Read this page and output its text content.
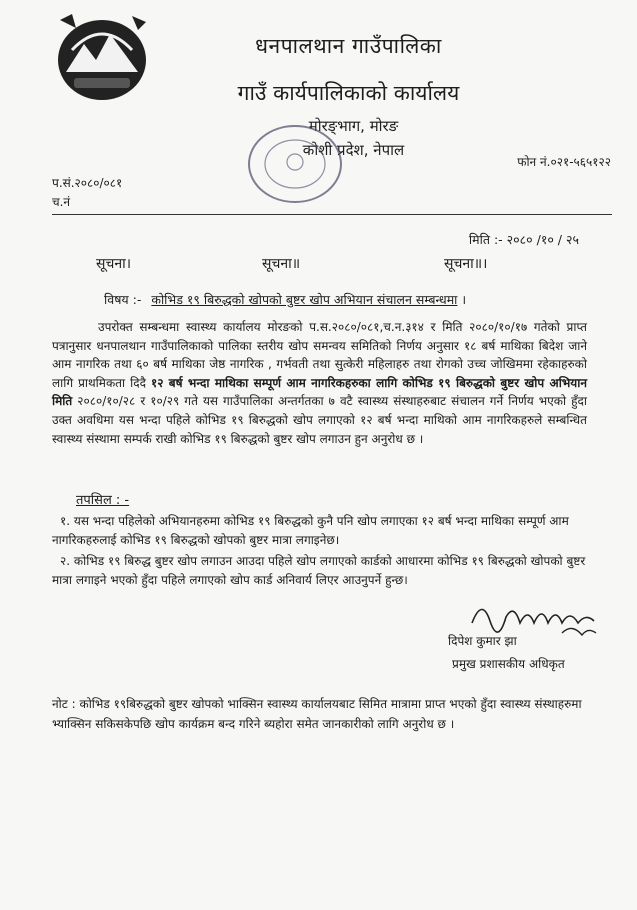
धनपालथान गाउँपालिका
गाउँ कार्यपालिकाको कार्यालय
मोरङ्भाग, मोरङ
कोशी प्रदेश, नेपाल
फोन नं.०२१-५६५१२२
प.सं.२०८०/०८१
च.नं
मिति :- २०८० /१० / २५
सूचना।	सूचना॥	सूचना॥।
विषय :- कोभिड १९ बिरुद्धको खोपको बुष्टर खोप अभियान संचालन सम्बन्धमा ।

उपरोक्त सम्बन्धमा स्वास्थ्य कार्यालय मोरङको प.स.२०८०/०८१,च.न.३१४ र मिति २०८०/१०/१७ गतेको प्राप्त पत्रानुसार धनपालथान गाउँपालिकाको पालिका स्तरीय खोप समन्वय समितिको निर्णय अनुसार १८ बर्ष माथिका बिदेश जाने आम नागरिक तथा ६० बर्ष माथिका जेष्ठ नागरिक , गर्भवती तथा सुत्केरी महिलाहरु तथा रोगको उच्च जोखिममा रहेकाहरुको लागि प्राथमिकता दिदै १२ बर्ष भन्दा माथिका सम्पूर्ण आम नागरिकहरुका लागि कोभिड १९ बिरुद्धको बुष्टर खोप अभियान मिति २०८०/१०/२८ र १०/२९ गते यस गाउँपालिका अन्तर्गतका ७ वटै स्वास्थ्य संस्थाहरुबाट संचालन गर्ने निर्णय भएको हुँदा उक्त अवधिमा यस भन्दा पहिले कोभिड १९ बिरुद्धको खोप लगाएको १२ बर्ष भन्दा माथिको आम नागरिकहरुले सम्बन्धित स्वास्थ्य संस्थामा सम्पर्क राखी कोभिड १९ बिरुद्धको बुष्टर खोप लगाउन हुन अनुरोध छ ।

तपसिल : -

१. यस भन्दा पहिलेको अभियानहरुमा कोभिड १९ बिरुद्धको कुनै पनि खोप लगाएका १२ बर्ष भन्दा माथिका सम्पूर्ण आम नागरिकहरुलाई कोभिड १९ बिरुद्धको खोपको बुष्टर मात्रा लगाइनेछ।

२. कोभिड १९ बिरुद्ध बुष्टर खोप लगाउन आउदा पहिले खोप लगाएको कार्डको आधारमा कोभिड १९ बिरुद्धको खोपको बुष्टर मात्रा लगाइने भएको हुँदा पहिले लगाएको खोप कार्ड अनिवार्य लिएर आउनुपर्ने हुन्छ।

दिपेश कुमार झा
प्रमुख प्रशासकीय अधिकृत
नोट : कोभिड १९बिरुद्धको बुष्टर खोपको भाक्सिन स्वास्थ्य कार्यालयबाट सिमित मात्रामा प्राप्त भएको हुँदा स्वास्थ्य संस्थाहरुमा भ्याक्सिन सकिसकेपछि खोप कार्यक्रम बन्द गरिने ब्यहोरा समेत जानकारीको लागि अनुरोध छ ।
